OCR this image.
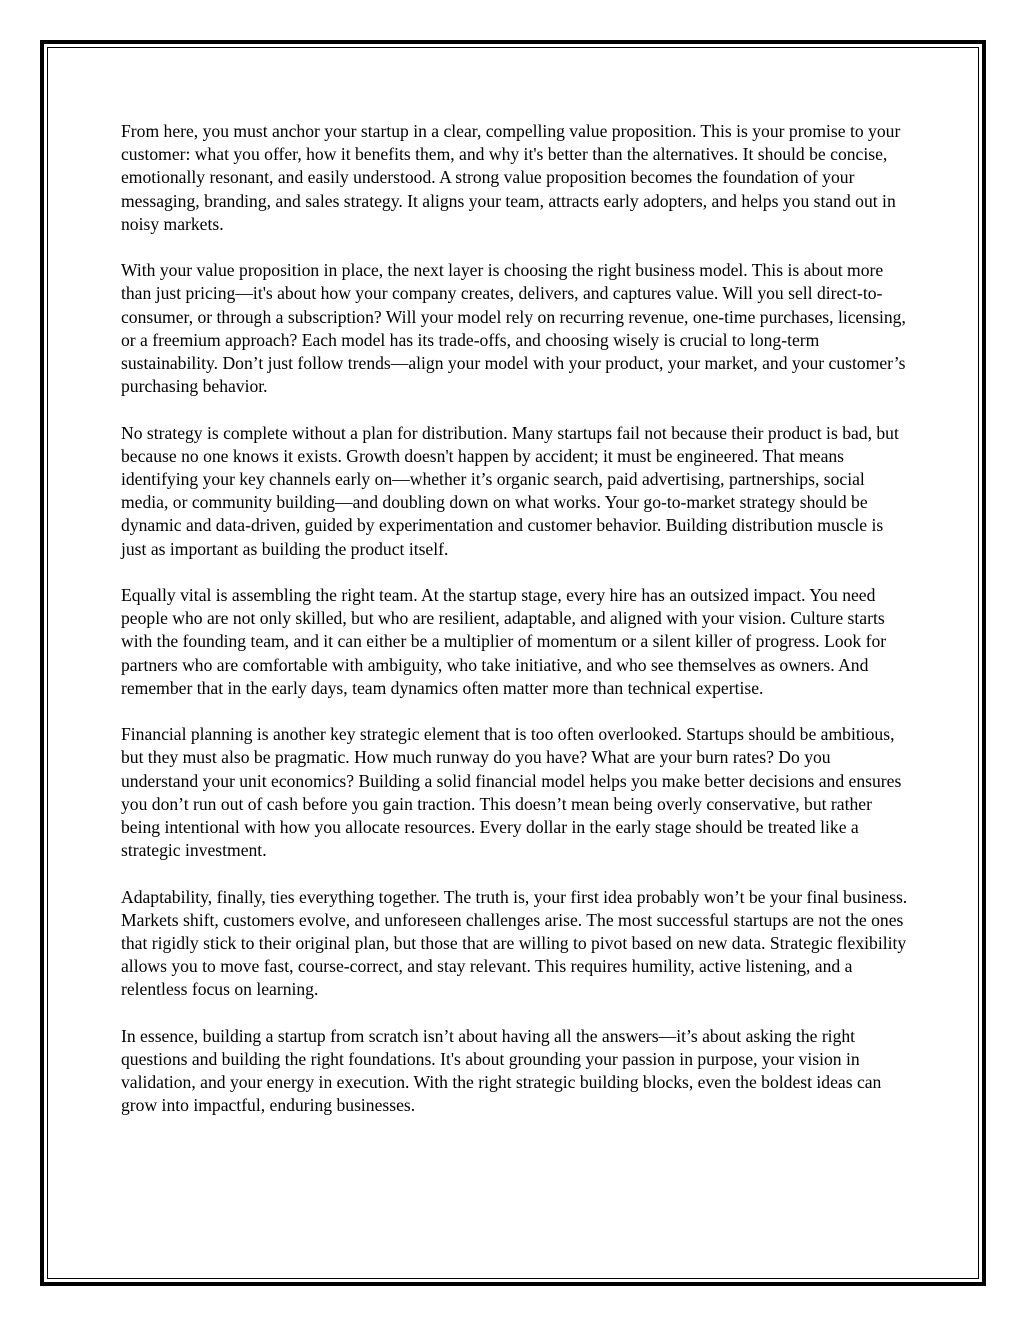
From here, you must anchor your startup in a clear, compelling value proposition. This is your promise to your customer: what you offer, how it benefits them, and why it's better than the alternatives. It should be concise, emotionally resonant, and easily understood. A strong value proposition becomes the foundation of your messaging, branding, and sales strategy. It aligns your team, attracts early adopters, and helps you stand out in noisy markets.

With your value proposition in place, the next layer is choosing the right business model. This is about more than just pricing—it's about how your company creates, delivers, and captures value. Will you sell direct-to-consumer, or through a subscription? Will your model rely on recurring revenue, one-time purchases, licensing, or a freemium approach? Each model has its trade-offs, and choosing wisely is crucial to long-term sustainability. Don’t just follow trends—align your model with your product, your market, and your customer’s purchasing behavior.

No strategy is complete without a plan for distribution. Many startups fail not because their product is bad, but because no one knows it exists. Growth doesn't happen by accident; it must be engineered. That means identifying your key channels early on—whether it’s organic search, paid advertising, partnerships, social media, or community building—and doubling down on what works. Your go-to-market strategy should be dynamic and data-driven, guided by experimentation and customer behavior. Building distribution muscle is just as important as building the product itself.

Equally vital is assembling the right team. At the startup stage, every hire has an outsized impact. You need people who are not only skilled, but who are resilient, adaptable, and aligned with your vision. Culture starts with the founding team, and it can either be a multiplier of momentum or a silent killer of progress. Look for partners who are comfortable with ambiguity, who take initiative, and who see themselves as owners. And remember that in the early days, team dynamics often matter more than technical expertise.

Financial planning is another key strategic element that is too often overlooked. Startups should be ambitious, but they must also be pragmatic. How much runway do you have? What are your burn rates? Do you understand your unit economics? Building a solid financial model helps you make better decisions and ensures you don’t run out of cash before you gain traction. This doesn’t mean being overly conservative, but rather being intentional with how you allocate resources. Every dollar in the early stage should be treated like a strategic investment.

Adaptability, finally, ties everything together. The truth is, your first idea probably won’t be your final business. Markets shift, customers evolve, and unforeseen challenges arise. The most successful startups are not the ones that rigidly stick to their original plan, but those that are willing to pivot based on new data. Strategic flexibility allows you to move fast, course-correct, and stay relevant. This requires humility, active listening, and a relentless focus on learning.

In essence, building a startup from scratch isn’t about having all the answers—it’s about asking the right questions and building the right foundations. It's about grounding your passion in purpose, your vision in validation, and your energy in execution. With the right strategic building blocks, even the boldest ideas can grow into impactful, enduring businesses.
